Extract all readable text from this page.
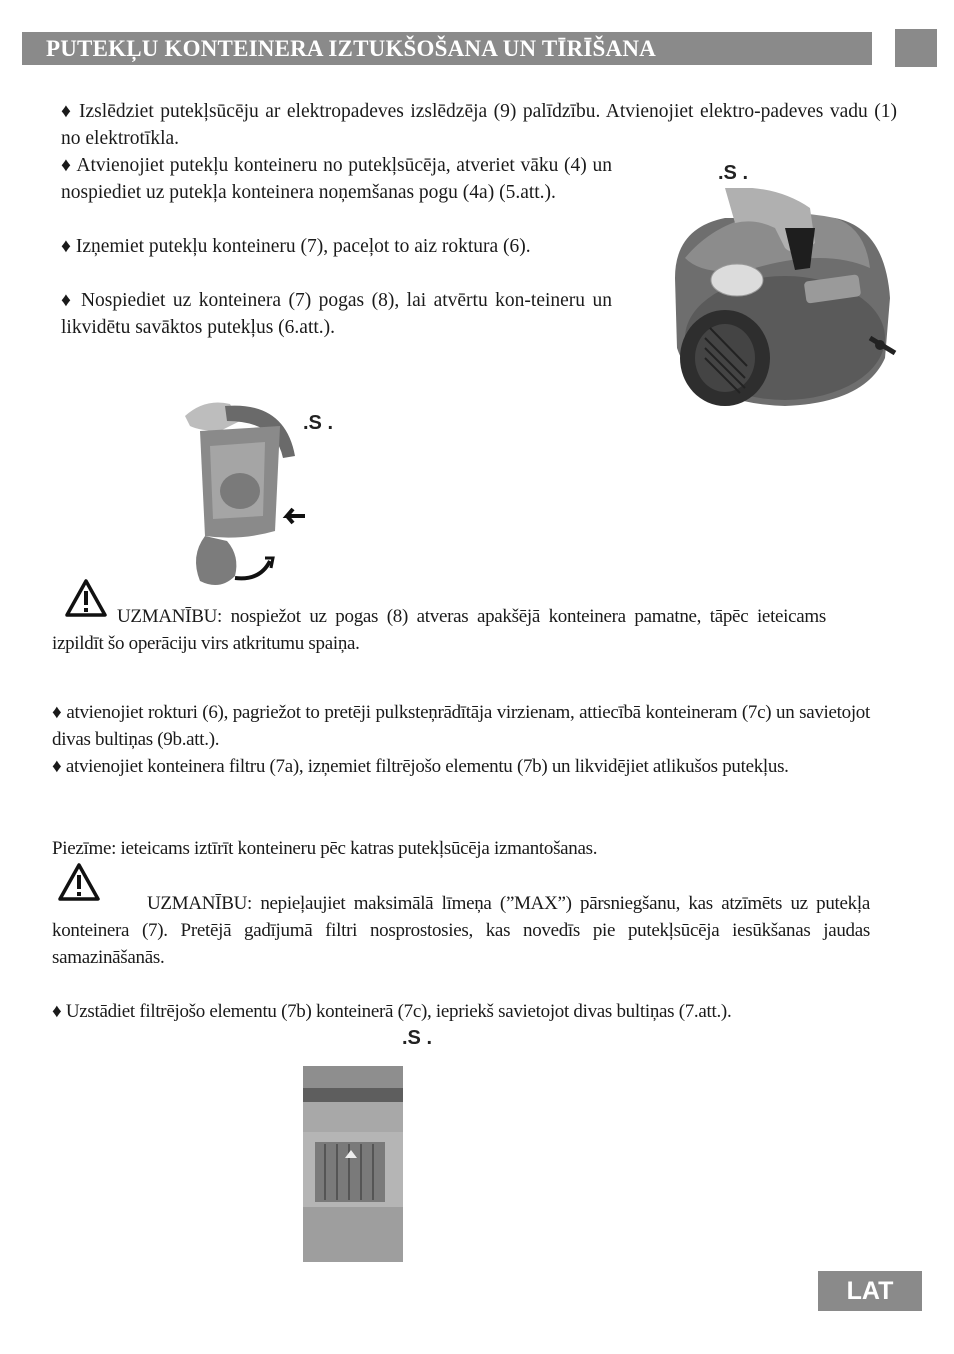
PUTEKĻU KONTEINERA IZTUKŠOŠANA UN TĪRĪŠANA

♦ Izslēdziet putekļsūcēju ar elektropadeves izslēdzēja (9) palīdzību. Atvienojiet elektro-padeves vadu (1) no elektrotīkla.

♦ Atvienojiet putekļu konteineru no putekļsūcēja, atveriet vāku (4) un nospiediet uz putekļa konteinera noņemšanas pogu (4a) (5.att.).

♦ Izņemiet putekļu konteineru (7), paceļot to aiz roktura (6).

♦ Nospiediet uz konteinera (7) pogas (8), lai atvērtu kon-teineru un likvidētu savāktos putekļus (6.att.).

.S .
.S .

UZMANĪBU: nospiežot uz pogas (8) atveras apakšējā konteinera pamatne, tāpēc ieteicams izpildīt šo operāciju virs atkritumu spaiņa.

♦ atvienojiet rokturi (6), pagriežot to pretēji pulksteņrādītāja virzienam, attiecībā konteineram (7c) un savietojot divas bultiņas (9b.att.).

♦ atvienojiet konteinera filtru (7a), izņemiet filtrējošo elementu (7b) un likvidējiet atlikušos putekļus.

Piezīme: ieteicams iztīrīt konteineru pēc katras putekļsūcēja izmantošanas.

UZMANĪBU: nepieļaujiet maksimālā līmeņa (”MAX”) pārsniegšanu, kas atzīmēts uz putekļa konteinera (7). Pretējā gadījumā filtri nosprostosies, kas novedīs pie putekļsūcēja iesūkšanas jaudas samazināšanās.

♦ Uzstādiet filtrējošo elementu (7b) konteinerā (7c), iepriekš savietojot divas bultiņas (7.att.).

.S .
LAT
